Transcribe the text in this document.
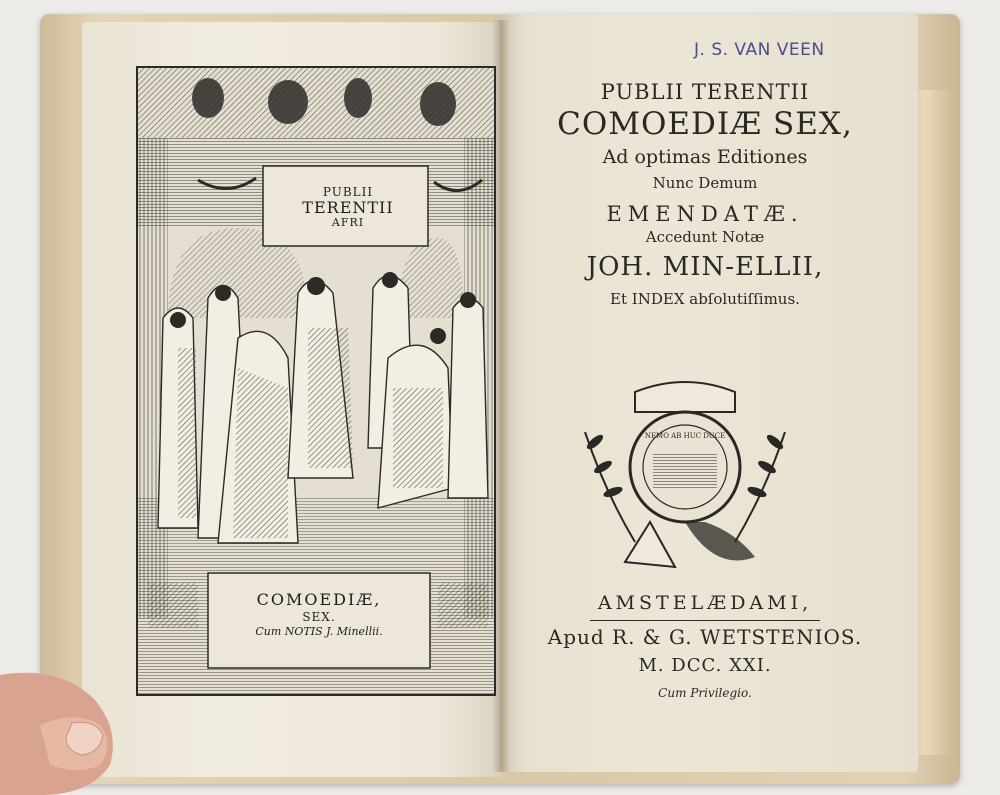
PUBLII
TERENTII
AFRI
COMOEDIÆ,
SEX.
Cum NOTIS J. Minellii.
J. S. VAN VEEN
PUBLII TERENTII
COMOEDIÆ SEX,
Ad optimas Editiones
Nunc Demum
EMENDATÆ.
Accedunt Notæ
JOH. MIN-ELLII,
Et INDEX abſolutiſſimus.
NEMO AB HUC DUCE
AMSTELÆDAMI,
Apud R. & G. WETSTENIOS.
M. DCC. XXI.
Cum Privilegio.
